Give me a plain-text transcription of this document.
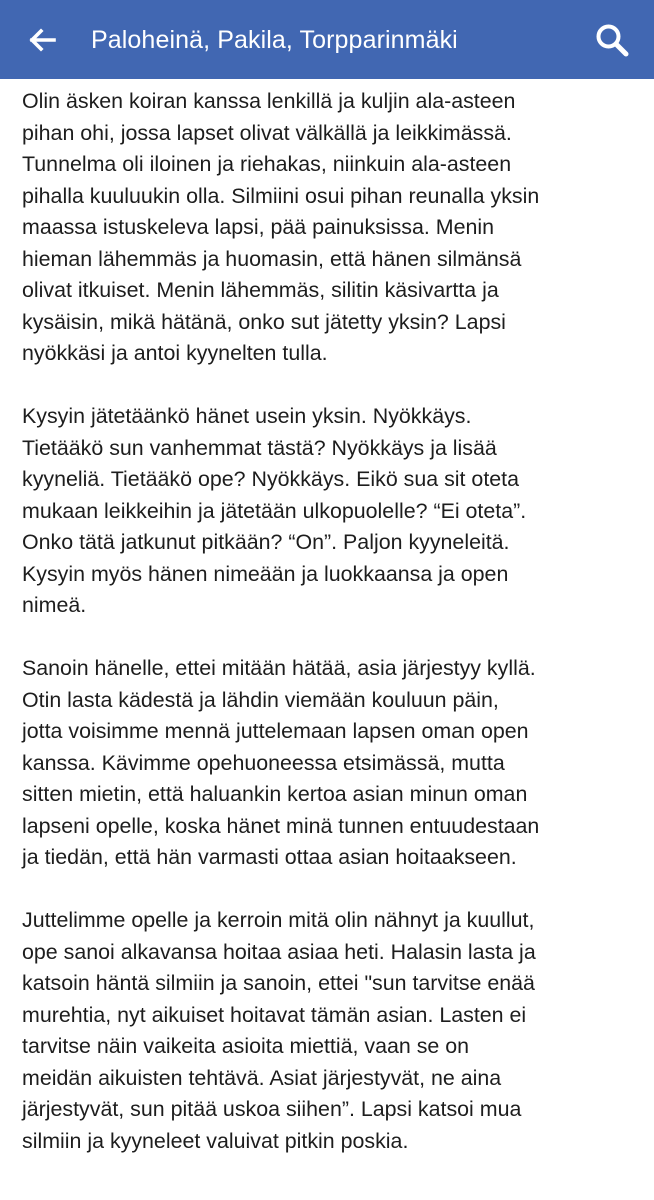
Paloheinä, Pakila, Torpparinmäki

Olin äsken koiran kanssa lenkillä ja kuljin ala-asteen
pihan ohi, jossa lapset olivat välkällä ja leikkimässä.
Tunnelma oli iloinen ja riehakas, niinkuin ala-asteen
pihalla kuuluukin olla. Silmiini osui pihan reunalla yksin
maassa istuskeleva lapsi, pää painuksissa. Menin
hieman lähemmäs ja huomasin, että hänen silmänsä
olivat itkuiset. Menin lähemmäs, silitin käsivartta ja
kysäisin, mikä hätänä, onko sut jätetty yksin? Lapsi
nyökkäsi ja antoi kyynelten tulla.

Kysyin jätetäänkö hänet usein yksin. Nyökkäys.
Tietääkö sun vanhemmat tästä? Nyökkäys ja lisää
kyyneliä. Tietääkö ope? Nyökkäys. Eikö sua sit oteta
mukaan leikkeihin ja jätetään ulkopuolelle? “Ei oteta”.
Onko tätä jatkunut pitkään? “On”. Paljon kyyneleitä.
Kysyin myös hänen nimeään ja luokkaansa ja open
nimeä.

Sanoin hänelle, ettei mitään hätää, asia järjestyy kyllä.
Otin lasta kädestä ja lähdin viemään kouluun päin,
jotta voisimme mennä juttelemaan lapsen oman open
kanssa. Kävimme opehuoneessa etsimässä, mutta
sitten mietin, että haluankin kertoa asian minun oman
lapseni opelle, koska hänet minä tunnen entuudestaan
ja tiedän, että hän varmasti ottaa asian hoitaakseen.

Juttelimme opelle ja kerroin mitä olin nähnyt ja kuullut,
ope sanoi alkavansa hoitaa asiaa heti. Halasin lasta ja
katsoin häntä silmiin ja sanoin, ettei "sun tarvitse enää
murehtia, nyt aikuiset hoitavat tämän asian. Lasten ei
tarvitse näin vaikeita asioita miettiä, vaan se on
meidän aikuisten tehtävä. Asiat järjestyvät, ne aina
järjestyvät, sun pitää uskoa siihen”. Lapsi katsoi mua
silmiin ja kyyneleet valuivat pitkin poskia.
